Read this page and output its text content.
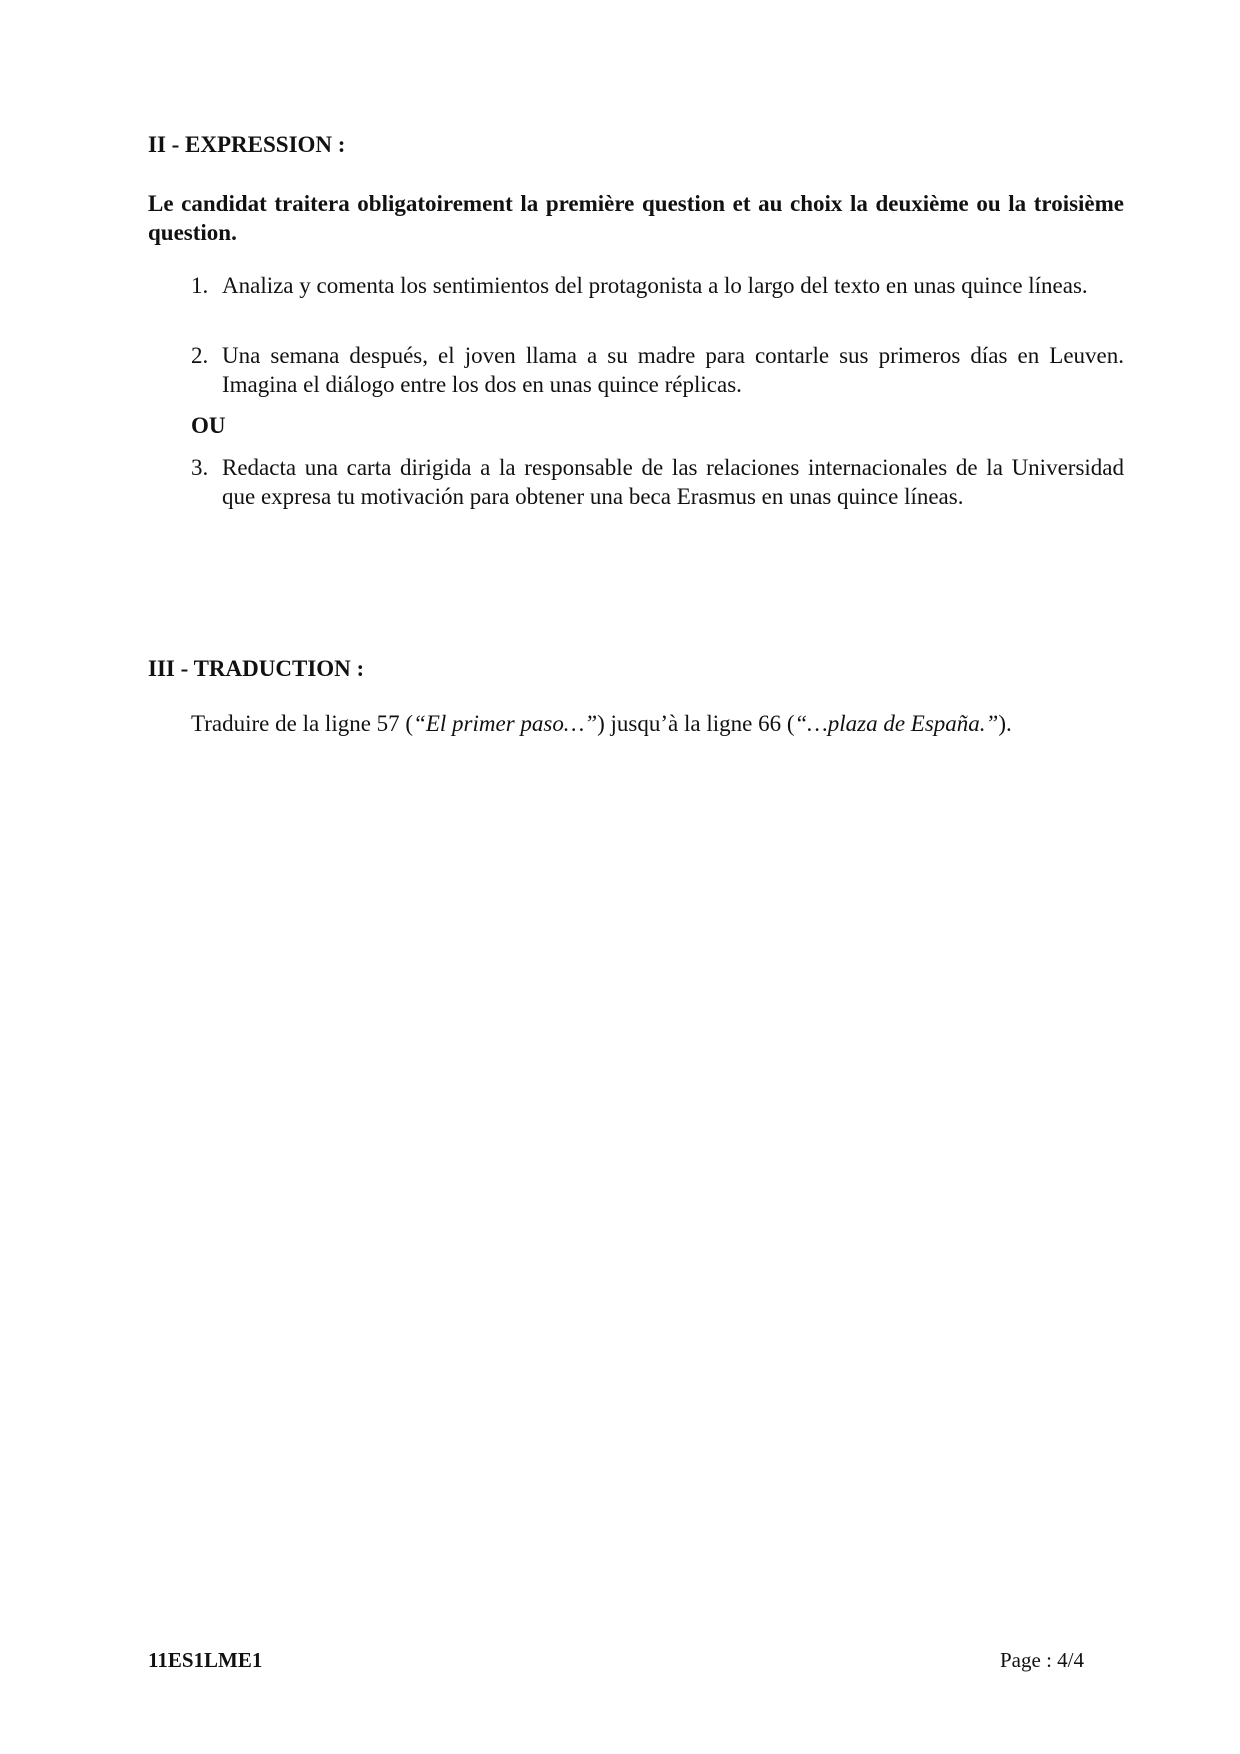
II - EXPRESSION :

Le candidat traitera obligatoirement la première question et au choix la deuxième ou la troisième question.

1. Analiza y comenta los sentimientos del protagonista a lo largo del texto en unas quince líneas.
2. Una semana después, el joven llama a su madre para contarle sus primeros días en Leuven. Imagina el diálogo entre los dos en unas quince réplicas.

OU

3. Redacta una carta dirigida a la responsable de las relaciones internacionales de la Universidad que expresa tu motivación para obtener una beca Erasmus en unas quince líneas.

III - TRADUCTION :

Traduire de la ligne 57 (“El primer paso…”) jusqu’à la ligne 66 (“…plaza de España.”).

11ES1LME1	Page : 4/4
